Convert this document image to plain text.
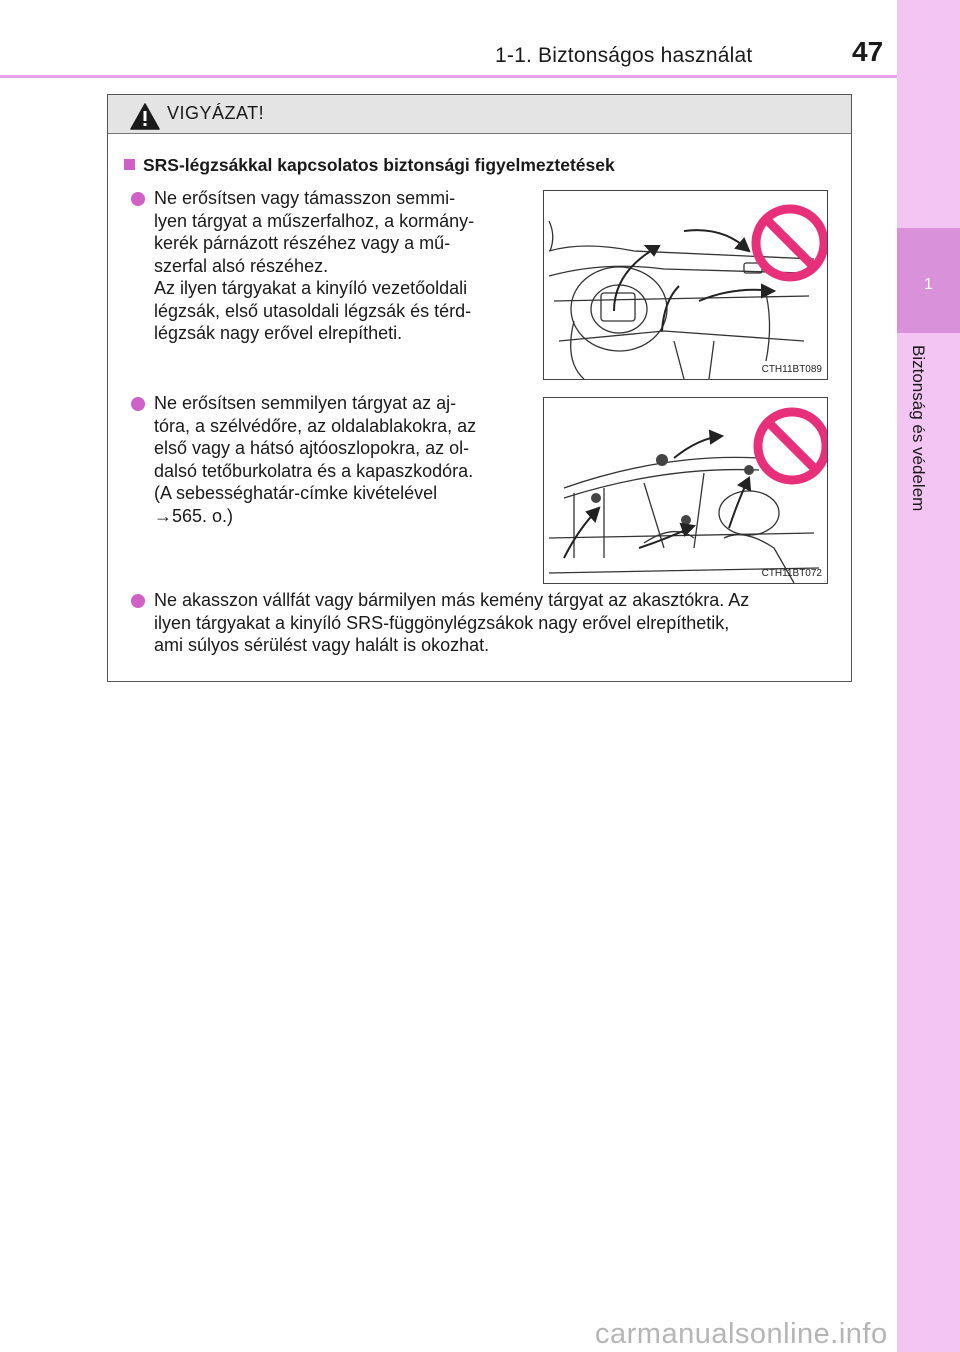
1-1. Biztonságos használat	47
1
Biztonság és védelem
VIGYÁZAT!
SRS-légzsákkal kapcsolatos biztonsági figyelmeztetések
Ne erősítsen vagy támasszon semmi-
lyen tárgyat a műszerfalhoz, a kormány-
kerék párnázott részéhez vagy a mű-
szerfal alsó részéhez.
Az ilyen tárgyakat a kinyíló vezetőoldali
légzsák, első utasoldali légzsák és térd-
légzsák nagy erővel elrepítheti.
CTH11BT089
Ne erősítsen semmilyen tárgyat az aj-
tóra, a szélvédőre, az oldalablakokra, az
első vagy a hátsó ajtóoszlopokra, az ol-
dalsó tetőburkolatra és a kapaszkodóra.
(A sebességhatár-címke kivételével
→565. o.)
CTH11BT072
Ne akasszon vállfát vagy bármilyen más kemény tárgyat az akasztókra. Az
ilyen tárgyakat a kinyíló SRS-függönylégzsákok nagy erővel elrepíthetik,
ami súlyos sérülést vagy halált is okozhat.
carmanualsonline.info
